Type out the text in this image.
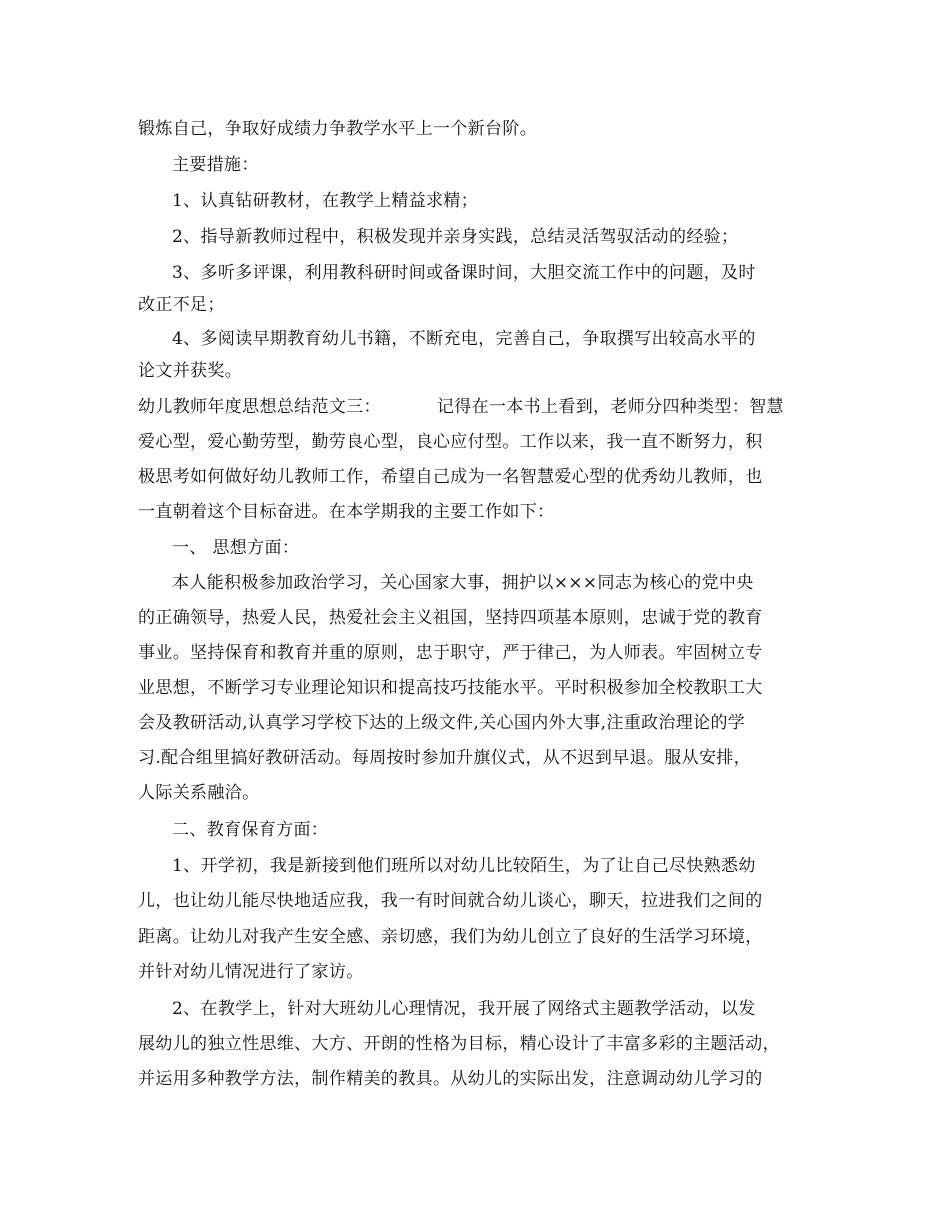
锻炼自己，争取好成绩力争教学水平上一个新台阶。
主要措施：
1、认真钻研教材，在教学上精益求精；
2、指导新教师过程中，积极发现并亲身实践，总结灵活驾驭活动的经验；
3、多听多评课，利用教科研时间或备课时间，大胆交流工作中的问题，及时
改正不足；
4、多阅读早期教育幼儿书籍，不断充电，完善自己，争取撰写出较高水平的
论文并获奖。
幼儿教师年度思想总结范文三：	记得在一本书上看到，老师分四种类型：智慧
爱心型，爱心勤劳型，勤劳良心型，良心应付型。工作以来，我一直不断努力，积
极思考如何做好幼儿教师工作，希望自己成为一名智慧爱心型的优秀幼儿教师，也
一直朝着这个目标奋进。在本学期我的主要工作如下：
一、 思想方面：
本人能积极参加政治学习，关心国家大事，拥护以×××同志为核心的党中央
的正确领导，热爱人民，热爱社会主义祖国，坚持四项基本原则，忠诚于党的教育
事业。坚持保育和教育并重的原则，忠于职守，严于律己，为人师表。牢固树立专
业思想，不断学习专业理论知识和提高技巧技能水平。平时积极参加全校教职工大
会及教研活动,认真学习学校下达的上级文件,关心国内外大事,注重政治理论的学
习.配合组里搞好教研活动。每周按时参加升旗仪式，从不迟到早退。服从安排，
人际关系融洽。
二、教育保育方面：
1、开学初，我是新接到他们班所以对幼儿比较陌生，为了让自己尽快熟悉幼
儿，也让幼儿能尽快地适应我，我一有时间就合幼儿谈心，聊天，拉进我们之间的
距离。让幼儿对我产生安全感、亲切感，我们为幼儿创立了良好的生活学习环境，
并针对幼儿情况进行了家访。
2、在教学上，针对大班幼儿心理情况，我开展了网络式主题教学活动，以发
展幼儿的独立性思维、大方、开朗的性格为目标，精心设计了丰富多彩的主题活动，
并运用多种教学方法，制作精美的教具。从幼儿的实际出发，注意调动幼儿学习的
